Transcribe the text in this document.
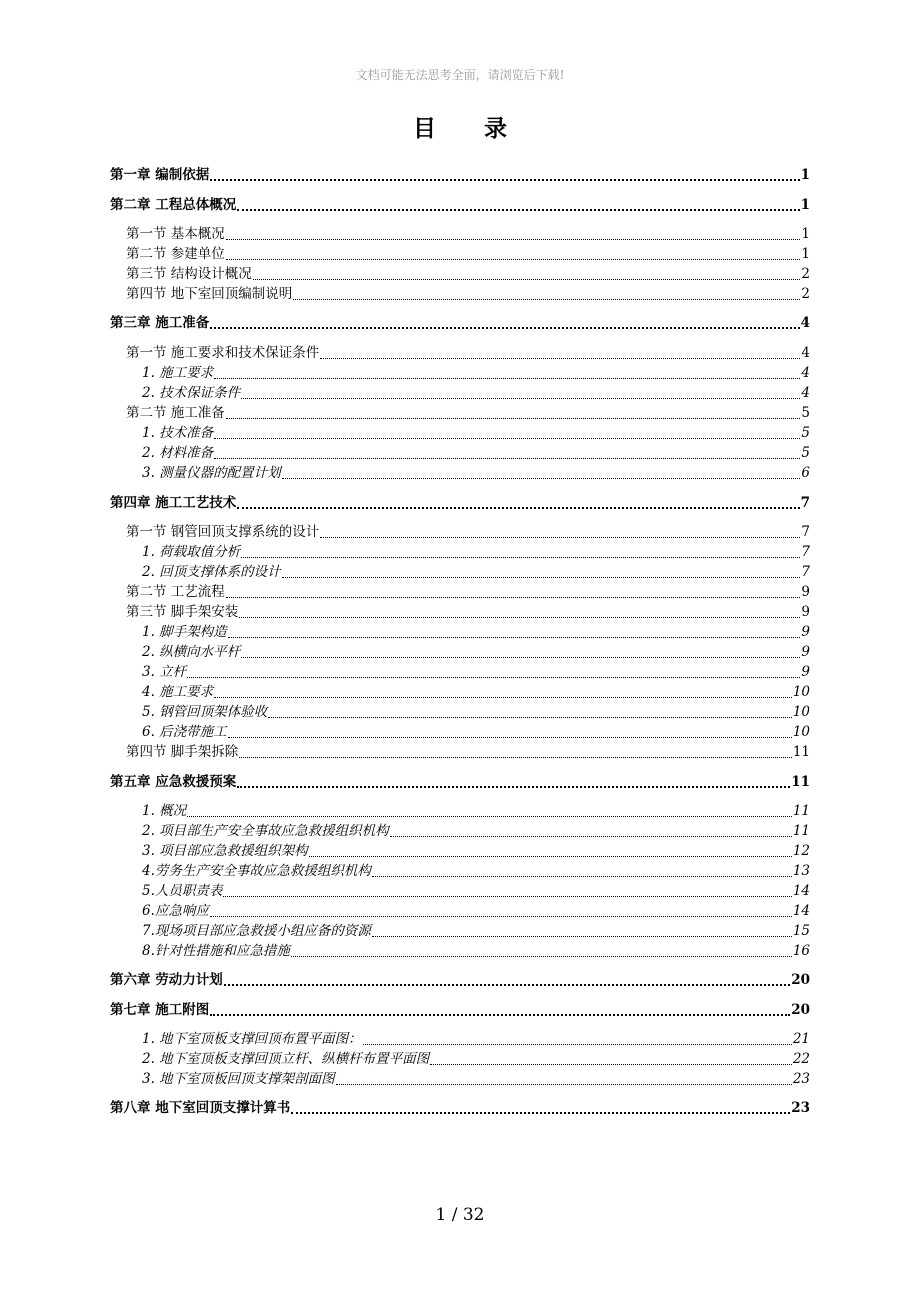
文档可能无法思考全面，请浏览后下载!
目 录
第一章 编制依据	1
第二章 工程总体概况	1
第一节 基本概况	1
第二节 参建单位	1
第三节 结构设计概况	2
第四节 地下室回顶编制说明	2
第三章 施工准备	4
第一节 施工要求和技术保证条件	4
1. 施工要求	4
2. 技术保证条件	4
第二节 施工准备	5
1. 技术准备	5
2. 材料准备	5
3. 测量仪器的配置计划	6
第四章 施工工艺技术	7
第一节 钢管回顶支撑系统的设计	7
1. 荷载取值分析	7
2. 回顶支撑体系的设计	7
第二节 工艺流程	9
第三节 脚手架安装	9
1. 脚手架构造	9
2. 纵横向水平杆	9
3. 立杆	9
4. 施工要求	10
5. 钢管回顶架体验收	10
6. 后浇带施工	10
第四节 脚手架拆除	11
第五章 应急救援预案	11
1. 概况	11
2. 项目部生产安全事故应急救援组织机构	11
3. 项目部应急救援组织架构	12
4.劳务生产安全事故应急救援组织机构	13
5.人员职责表	14
6.应急响应	14
7.现场项目部应急救援小组应备的资源	15
8.针对性措施和应急措施	16
第六章 劳动力计划	20
第七章 施工附图	20
1. 地下室顶板支撑回顶布置平面图：	21
2. 地下室顶板支撑回顶立杆、纵横杆布置平面图	22
3. 地下室顶板回顶支撑架剖面图	23
第八章 地下室回顶支撑计算书	23
1 / 32
